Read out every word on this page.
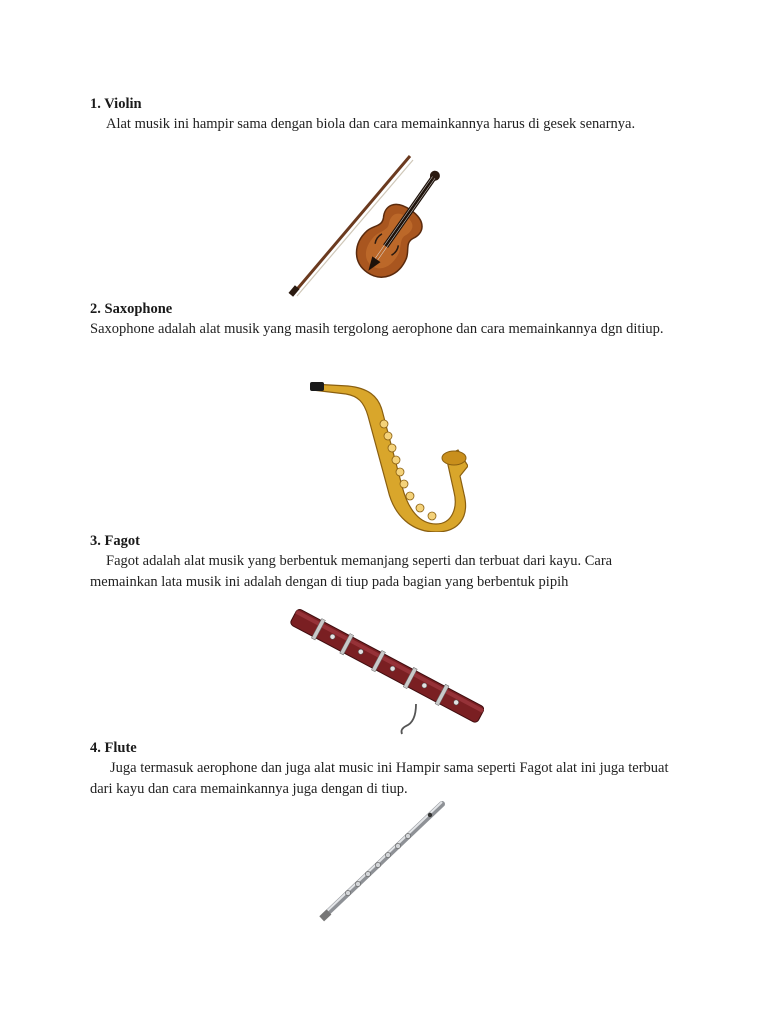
1. Violin

Alat musik ini hampir sama dengan biola dan cara memainkannya harus di gesek senarnya.

2. Saxophone

Saxophone adalah alat musik yang masih tergolong aerophone dan cara memainkannya dgn ditiup.

3. Fagot

Fagot adalah alat musik yang berbentuk memanjang seperti dan terbuat dari kayu. Cara memainkan lata musik ini adalah dengan di tiup pada bagian yang berbentuk pipih

4. Flute

Juga termasuk aerophone dan juga alat music ini Hampir sama seperti Fagot alat ini juga terbuat dari kayu dan cara memainkannya juga dengan di tiup.
